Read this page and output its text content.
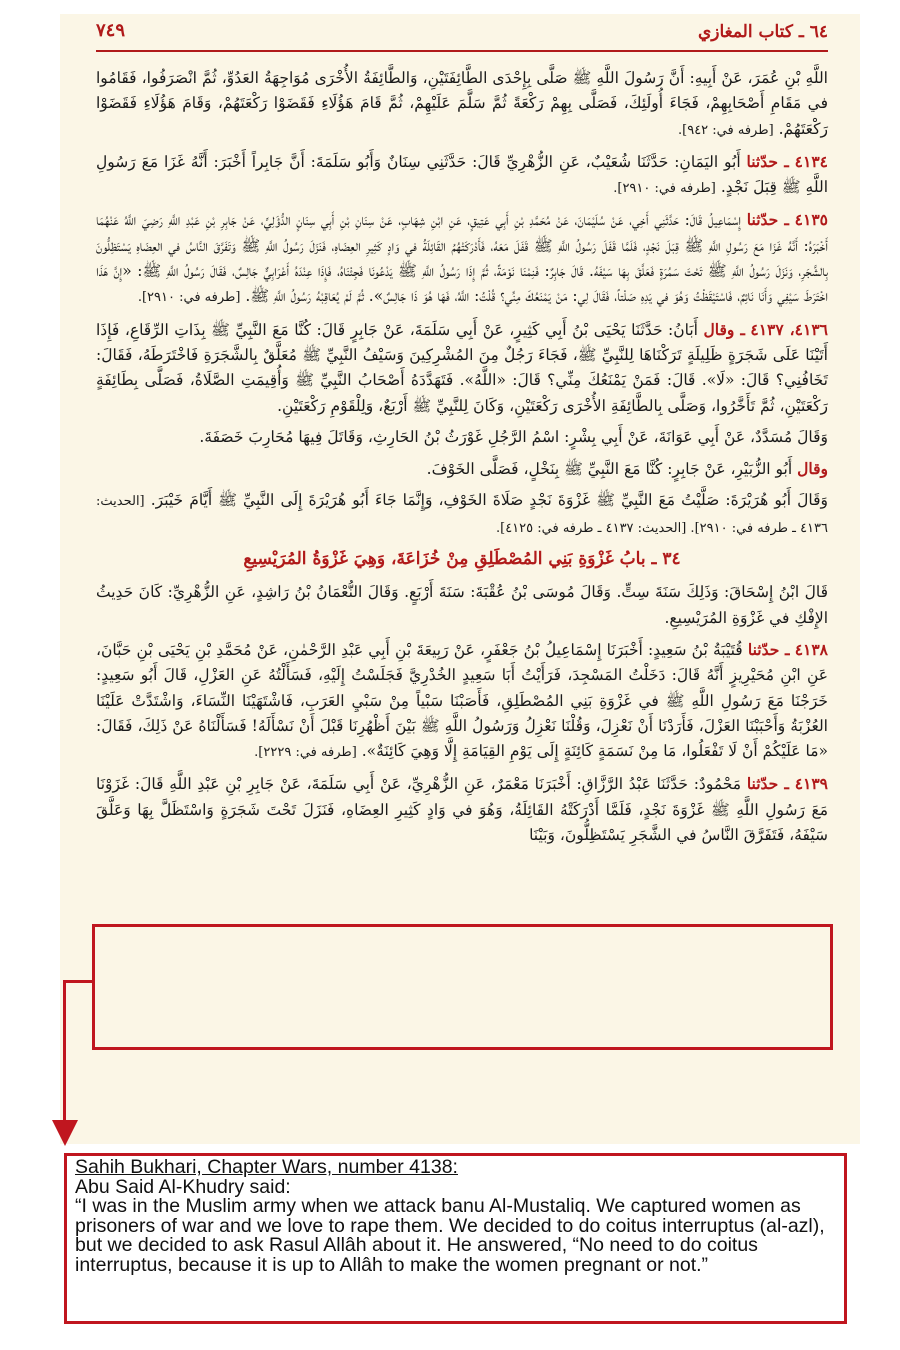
٧٤٩	٦٤ ـ كتاب المغازي

اللَّهِ بْنِ عُمَرَ، عَنْ أَبِيهِ: أَنَّ رَسُولَ اللَّهِ ﷺ صَلَّى بِإِحْدَى الطَّائِفَتَيْنِ، وَالطَّائِفَةُ الأُخْرَى مُوَاجِهَةُ العَدُوِّ، ثُمَّ انْصَرَفُوا، فَقَامُوا في مَقَامِ أَصْحَابِهِمْ، فَجَاءَ أُولَئِكَ، فَصَلَّى بِهِمْ رَكْعَةً ثُمَّ سَلَّمَ عَلَيْهِمْ، ثُمَّ قَامَ هَؤُلَاءِ فَقَضَوْا رَكْعَتَهُمْ، وَقَامَ هَؤُلَاءِ فَقَضَوْا رَكْعَتَهُمْ. [طرفه في: ٩٤٢].

٤١٣٤ ـ حدّثنا أَبُو اليَمَانِ: حَدَّثَنَا شُعَيْبٌ، عَنِ الزُّهْرِيِّ قَالَ: حَدَّثَنِي سِنَانٌ وَأَبُو سَلَمَةَ: أَنَّ جَابِراً أَخْبَرَ: أَنَّهُ غَزَا مَعَ رَسُولِ اللَّهِ ﷺ قِبَلَ نَجْدٍ. [طرفه في: ٢٩١٠].

٤١٣٥ ـ حدّثنا إِسْمَاعِيلُ قَالَ: حَدَّثَنِي أَخِي، عَنْ سُلَيْمَانَ، عَنْ مُحَمَّدِ بْنِ أَبِي عَتِيقٍ، عَنِ ابْنِ شِهَابٍ، عَنْ سِنَانِ بْنِ أَبِي سِنَانٍ الدُّؤَلِيِّ، عَنْ جَابِرِ بْنِ عَبْدِ اللَّهِ رَضِيَ اللَّهُ عَنْهُمَا أَخْبَرَهُ: أَنَّهُ غَزَا مَعَ رَسُولِ اللَّهِ ﷺ قِبَلَ نَجْدٍ، فَلَمَّا قَفَلَ رَسُولُ اللَّهِ ﷺ قَفَلَ مَعَهُ، فَأَدْرَكَتْهُمُ القَائِلَةُ في وَادٍ كَثِيرِ العِضَاهِ، فَنَزَلَ رَسُولُ اللَّهِ ﷺ وَتَفَرَّقَ النَّاسُ في العِضَاهِ يَسْتَظِلُّونَ بِالشَّجَرِ، وَنَزَلَ رَسُولُ اللَّهِ ﷺ تَحْتَ سَمُرَةٍ فَعَلَّقَ بِهَا سَيْفَهُ. قَالَ جَابِرٌ: فَنِمْنَا نَوْمَةً، ثُمَّ إِذَا رَسُولُ اللَّهِ ﷺ يَدْعُونَا فَجِئْنَاهُ، فَإِذَا عِنْدَهُ أَعْرَابِيٌّ جَالِسٌ، فَقَالَ رَسُولُ اللَّهِ ﷺ: «إِنَّ هَذَا اخْتَرَطَ سَيْفِي وَأَنَا نَائِمٌ، فَاسْتَيْقَظْتُ وَهُوَ في يَدِهِ صَلْتاً، فَقَالَ لِي: مَنْ يَمْنَعُكَ مِنِّي؟ قُلْتُ: اللَّهُ، فَهَا هُوَ ذَا جَالِسٌ». ثُمَّ لَمْ يُعَاقِبْهُ رَسُولُ اللَّهِ ﷺ. [طرفه في: ٢٩١٠].

٤١٣٦، ٤١٣٧ ـ وقال أَبَانُ: حَدَّثَنَا يَحْيَى بْنُ أَبِي كَثِيرٍ، عَنْ أَبِي سَلَمَةَ، عَنْ جَابِرٍ قَالَ: كُنَّا مَعَ النَّبِيِّ ﷺ بِذَاتِ الرِّقَاعِ، فَإِذَا أَتَيْنَا عَلَى شَجَرَةٍ ظَلِيلَةٍ تَرَكْنَاهَا لِلنَّبِيِّ ﷺ، فَجَاءَ رَجُلٌ مِنَ المُشْرِكِينَ وَسَيْفُ النَّبِيِّ ﷺ مُعَلَّقٌ بِالشَّجَرَةِ فَاخْتَرَطَهُ، فَقَالَ: تَخَافُنِي؟ قَالَ: «لَا». قَالَ: فَمَنْ يَمْنَعُكَ مِنِّي؟ قَالَ: «اللَّهُ». فَتَهَدَّدَهُ أَصْحَابُ النَّبِيِّ ﷺ وَأُقِيمَتِ الصَّلَاةُ، فَصَلَّى بِطَائِفَةٍ رَكْعَتَيْنِ، ثُمَّ تَأَخَّرُوا، وَصَلَّى بِالطَّائِفَةِ الأُخْرَى رَكْعَتَيْنِ، وَكَانَ لِلنَّبِيِّ ﷺ أَرْبَعٌ، وَلِلْقَوْمِ رَكْعَتَيْنِ.

وَقَالَ مُسَدَّدٌ، عَنْ أَبِي عَوَانَةَ، عَنْ أَبِي بِشْرٍ: اسْمُ الرَّجُلِ غَوْرَثُ بْنُ الحَارِثِ، وَقَاتَلَ فِيهَا مُحَارِبَ خَصَفَةَ.

وقال أَبُو الزُّبَيْرِ، عَنْ جَابِرٍ: كُنَّا مَعَ النَّبِيِّ ﷺ بِنَخْلٍ، فَصَلَّى الخَوْفَ.

وَقَالَ أَبُو هُرَيْرَةَ: صَلَّيْتُ مَعَ النَّبِيِّ ﷺ غَزْوَةَ نَجْدٍ صَلَاةَ الخَوْفِ، وَإِنَّمَا جَاءَ أَبُو هُرَيْرَةَ إِلَى النَّبِيِّ ﷺ أَيَّامَ خَيْبَرَ. [الحديث: ٤١٣٦ ـ طرفه في: ٢٩١٠]. [الحديث: ٤١٣٧ ـ طرفه في: ٤١٢٥].

٣٤ ـ بابُ غَزْوَةِ بَنِي المُصْطَلِقِ مِنْ خُزَاعَةَ، وَهِيَ غَزْوَةُ المُرَيْسِيعِ

قَالَ ابْنُ إِسْحَاقَ: وَذَلِكَ سَنَةَ سِتٍّ. وَقَالَ مُوسَى بْنُ عُقْبَةَ: سَنَةَ أَرْبَعٍ. وَقَالَ النُّعْمَانُ بْنُ رَاشِدٍ، عَنِ الزُّهْرِيِّ: كَانَ حَدِيثُ الإِفْكِ في غَزْوَةِ المُرَيْسِيعِ.

٤١٣٨ ـ حدّثنا قُتَيْبَةُ بْنُ سَعِيدٍ: أَخْبَرَنَا إِسْمَاعِيلُ بْنُ جَعْفَرٍ، عَنْ رَبِيعَةَ بْنِ أَبِي عَبْدِ الرَّحْمٰنِ، عَنْ مُحَمَّدِ بْنِ يَحْيَى بْنِ حَبَّانَ، عَنِ ابْنِ مُحَيْرِيزٍ أَنَّهُ قَالَ: دَخَلْتُ المَسْجِدَ، فَرَأَيْتُ أَبَا سَعِيدٍ الخُدْرِيَّ فَجَلَسْتُ إِلَيْهِ، فَسَأَلْتُهُ عَنِ العَزْلِ، قَالَ أَبُو سَعِيدٍ: خَرَجْنَا مَعَ رَسُولِ اللَّهِ ﷺ في غَزْوَةِ بَنِي المُصْطَلِقِ، فَأَصَبْنَا سَبْياً مِنْ سَبْيِ العَرَبِ، فَاشْتَهَيْنَا النِّسَاءَ، وَاشْتَدَّتْ عَلَيْنَا العُزْبَةُ وَأَحْبَبْنَا العَزْلَ، فَأَرَدْنَا أَنْ نَعْزِلَ، وَقُلْنَا نَعْزِلُ وَرَسُولُ اللَّهِ ﷺ بَيْنَ أَظْهُرِنَا قَبْلَ أَنْ نَسْأَلَهُ! فَسَأَلْنَاهُ عَنْ ذَلِكَ، فَقَالَ: «مَا عَلَيْكُمْ أَنْ لَا تَفْعَلُوا، مَا مِنْ نَسَمَةٍ كَائِنَةٍ إِلَى يَوْمِ القِيَامَةِ إِلَّا وَهِيَ كَائِنَةٌ». [طرفه في: ٢٢٢٩].

٤١٣٩ ـ حدّثنا مَحْمُودٌ: حَدَّثَنَا عَبْدُ الرَّزَّاقِ: أَخْبَرَنَا مَعْمَرٌ، عَنِ الزُّهْرِيِّ، عَنْ أَبِي سَلَمَةَ، عَنْ جَابِرِ بْنِ عَبْدِ اللَّهِ قَالَ: غَزَوْنَا مَعَ رَسُولِ اللَّهِ ﷺ غَزْوَةَ نَجْدٍ، فَلَمَّا أَدْرَكَتْهُ القَائِلَةُ، وَهُوَ في وَادٍ كَثِيرِ العِضَاهِ، فَنَزَلَ تَحْتَ شَجَرَةٍ وَاسْتَظَلَّ بِهَا وَعَلَّقَ سَيْفَهُ، فَتَفَرَّقَ النَّاسُ في الشَّجَرِ يَسْتَظِلُّونَ، وَبَيْنَا

Sahih Bukhari, Chapter Wars, number 4138:

Abu Said Al-Khudry said:

“I was in the Muslim army when we attack banu Al-Mustaliq. We captured women as prisoners of war and we love to rape them. We decided to do coitus interruptus (al-azl), but we decided to ask Rasul Allâh about it. He answered, “No need to do coitus interruptus, because it is up to Allâh to make the women pregnant or not.”
